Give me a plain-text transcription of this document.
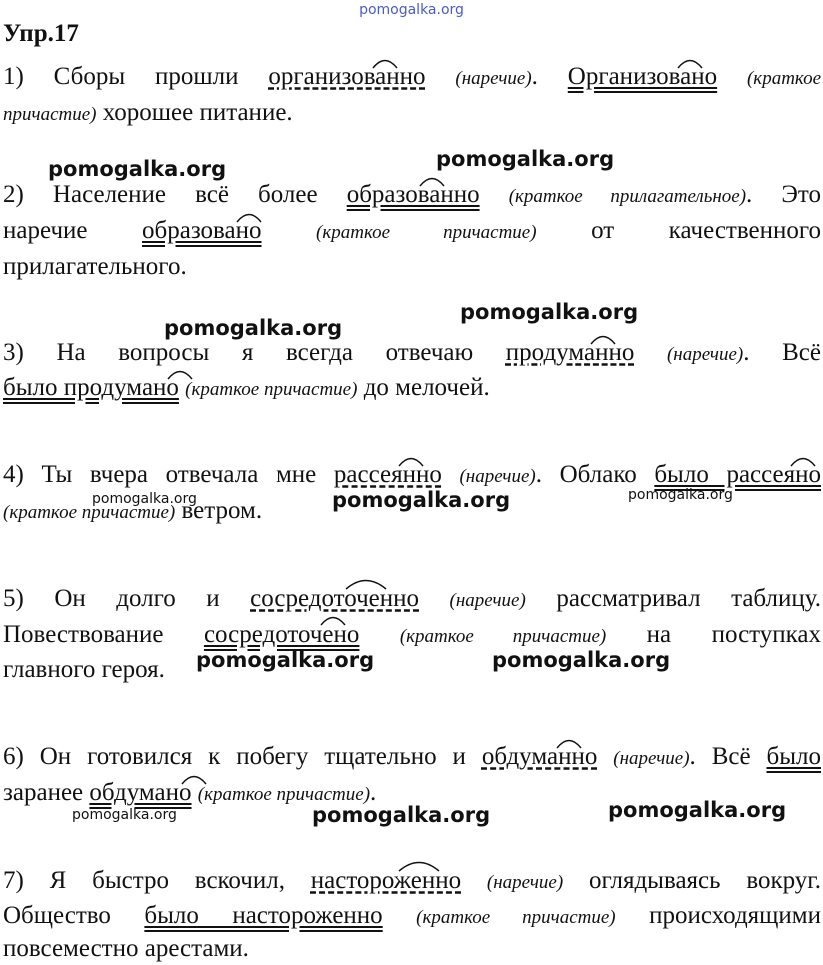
pomogalka.org
Упр.17
1) Сборы прошли организованно (наречие). Организовано (краткое
причастие) хорошее питание.
2) Население всё более образованно (краткое прилагательное). Это
наречие образовано	(краткое причастие) от качественного
прилагательного.
3) На вопросы я всегда отвечаю продуманно (наречие). Всё
было продумано (краткое причастие) до мелочей.
4) Ты вчера отвечала мне рассеянно (наречие). Облако было рассеяно
(краткое причастие) ветром.
5) Он долго и сосредоточенно (наречие) рассматривал таблицу.
Повествование сосредоточено (краткое причастие) на поступках
главного героя.
6) Он готовился к побегу тщательно и обдуманно (наречие). Всё было
заранее обдумано (краткое причастие).
7) Я быстро вскочил, настороженно (наречие) оглядываясь вокруг.
Общество было настороженно (краткое причастие) происходящими
повсеместно арестами.
pomogalka.org	pomogalka.org
pomogalka.org
pomogalka.org
pomogalka.org	pomogalka.org	pomogalka.org
pomogalka.org	pomogalka.org
pomogalka.org	pomogalka.org	pomogalka.org
